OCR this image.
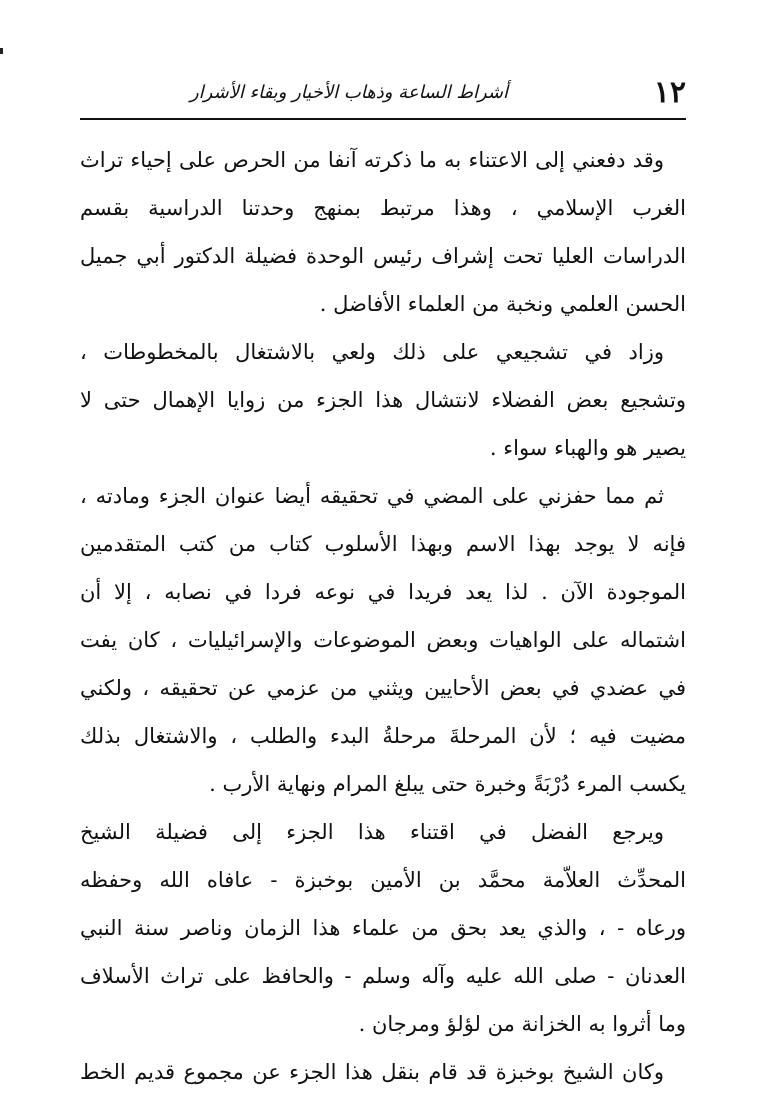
١٢
أشراط الساعة وذهاب الأخيار وبقاء الأشرار

وقد دفعني إلى الاعتناء به ما ذكرته آنفا من الحرص على إحياء تراث
الغرب الإسلامي ، وهذا مرتبط بمنهج وحدتنا الدراسية بقسم
الدراسات العليا تحت إشراف رئيس الوحدة فضيلة الدكتور أبي جميل
الحسن العلمي ونخبة من العلماء الأفاضل .

وزاد في تشجيعي على ذلك ولعي بالاشتغال بالمخطوطات ،
وتشجيع بعض الفضلاء لانتشال هذا الجزء من زوايا الإهمال حتى لا
يصير هو والهباء سواء .

ثم مما حفزني على المضي في تحقيقه أيضا عنوان الجزء ومادته ،
فإنه لا يوجد بهذا الاسم وبهذا الأسلوب كتاب من كتب المتقدمين
الموجودة الآن . لذا يعد فريدا في نوعه فردا في نصابه ، إلا أن
اشتماله على الواهيات وبعض الموضوعات والإسرائيليات ، كان يفت
في عضدي في بعض الأحايين ويثني من عزمي عن تحقيقه ، ولكني
مضيت فيه ؛ لأن المرحلةَ مرحلةُ البدء والطلب ، والاشتغال بذلك
يكسب المرء دُرْبَةً وخبرة حتى يبلغ المرام ونهاية الأرب .

ويرجع الفضل في اقتناء هذا الجزء إلى فضيلة الشيخ
المحدِّث العلاّمة محمَّد بن الأمين بوخبزة - عافاه الله وحفظه
ورعاه - ، والذي يعد بحق من علماء هذا الزمان وناصر سنة النبي
العدنان - صلى الله عليه وآله وسلم - والحافظ على تراث الأسلاف
وما أثروا به الخزانة من لؤلؤ ومرجان .

وكان الشيخ بوخبزة قد قام بنقل هذا الجزء عن مجموع قديم الخط
